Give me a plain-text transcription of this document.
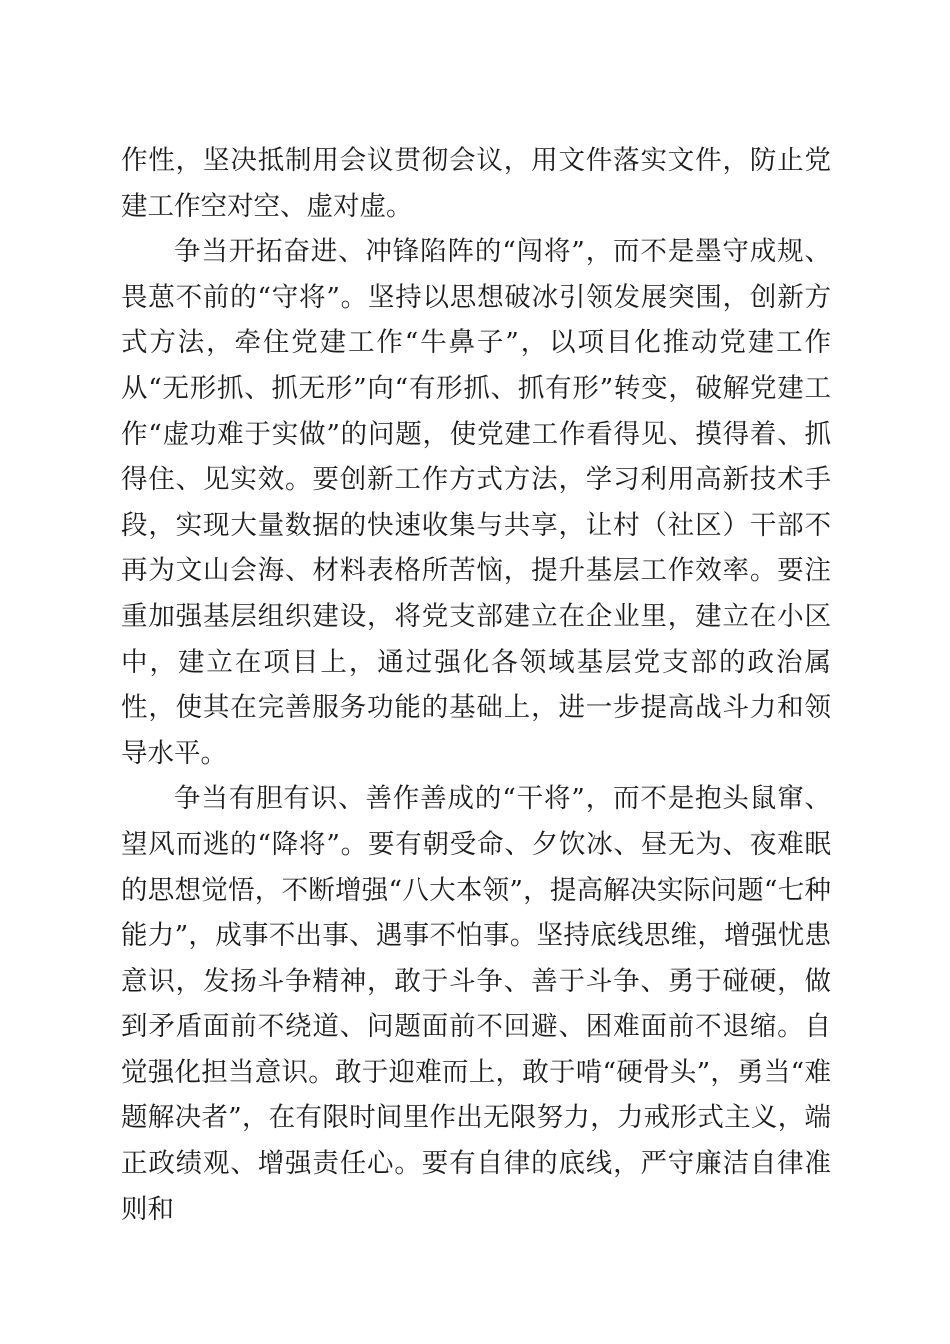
作性，坚决抵制用会议贯彻会议，用文件落实文件，防止党建工作空对空、虚对虚。

争当开拓奋进、冲锋陷阵的“闯将”，而不是墨守成规、畏葸不前的“守将”。坚持以思想破冰引领发展突围，创新方式方法，牵住党建工作“牛鼻子”，以项目化推动党建工作从“无形抓、抓无形”向“有形抓、抓有形”转变，破解党建工作“虚功难于实做”的问题，使党建工作看得见、摸得着、抓得住、见实效。要创新工作方式方法，学习利用高新技术手段，实现大量数据的快速收集与共享，让村（社区）干部不再为文山会海、材料表格所苦恼，提升基层工作效率。要注重加强基层组织建设，将党支部建立在企业里，建立在小区中，建立在项目上，通过强化各领域基层党支部的政治属性，使其在完善服务功能的基础上，进一步提高战斗力和领导水平。

争当有胆有识、善作善成的“干将”，而不是抱头鼠窜、望风而逃的“降将”。要有朝受命、夕饮冰、昼无为、夜难眠的思想觉悟，不断增强“八大本领”，提高解决实际问题“七种能力”，成事不出事、遇事不怕事。坚持底线思维，增强忧患意识，发扬斗争精神，敢于斗争、善于斗争、勇于碰硬，做到矛盾面前不绕道、问题面前不回避、困难面前不退缩。自觉强化担当意识。敢于迎难而上，敢于啃“硬骨头”，勇当“难题解决者”，在有限时间里作出无限努力，力戒形式主义，端正政绩观、增强责任心。要有自律的底线，严守廉洁自律准则和
